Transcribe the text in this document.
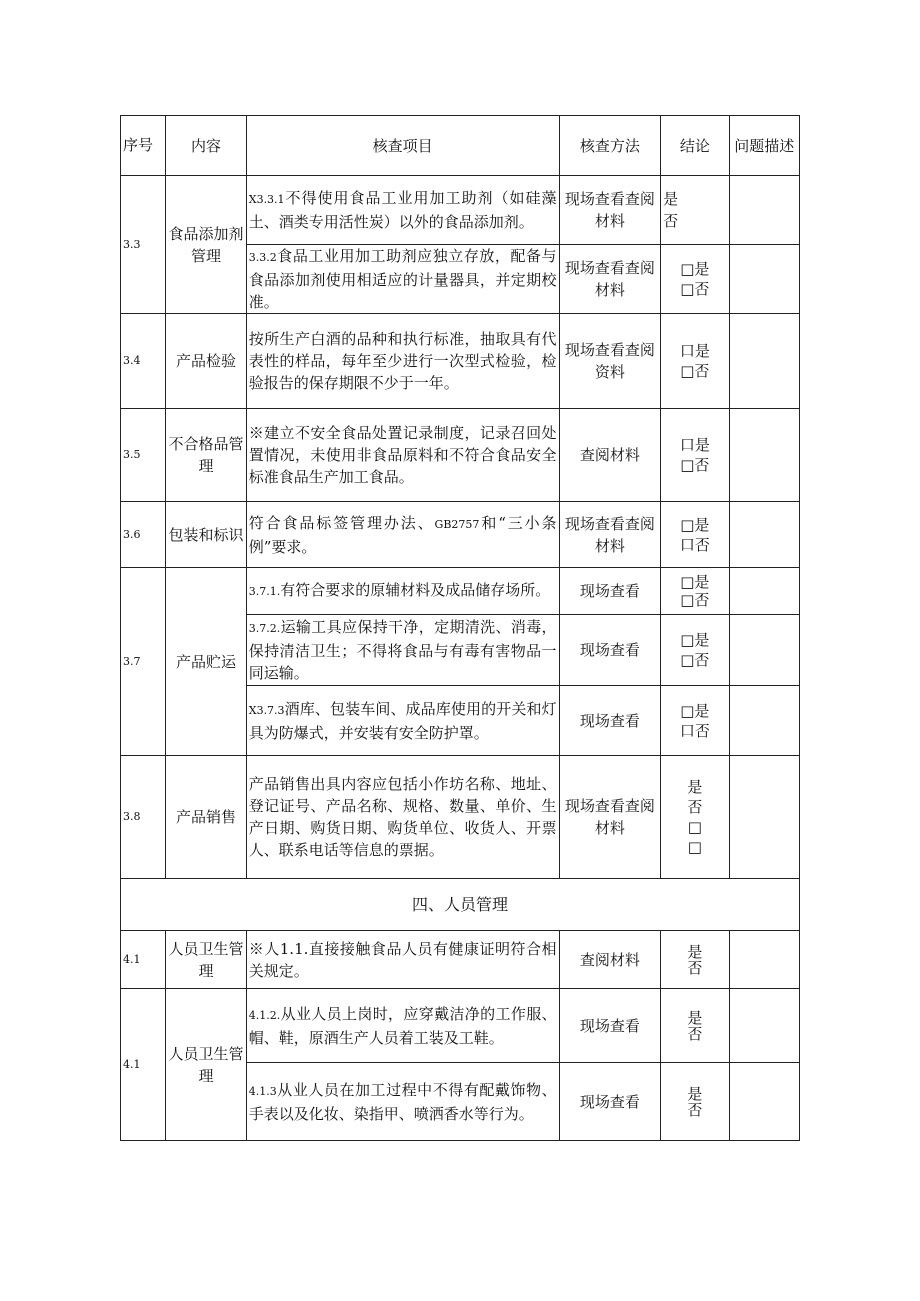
序号	内容	核查项目	核查方法	结论	问题描述
3.3	食品添加剂管理	X3.3.1不得使用食品工业用加工助剂（如硅藻土、酒类专用活性炭）以外的食品添加剂。	现场查看查阅材料	是
否	

		3.3.2食品工业用加工助剂应独立存放，配备与食品添加剂使用相适应的计量器具，并定期校准。	现场查看查阅材料	□是
□否	

3.4	产品检验	按所生产白酒的品种和执行标准，抽取具有代表性的样品，每年至少进行一次型式检验，检验报告的保存期限不少于一年。	现场查看查阅资料	口是
□否	

3.5	不合格品管理	※建立不安全食品处置记录制度，记录召回处置情况，未使用非食品原料和不符合食品安全标准食品生产加工食品。	查阅材料	口是
□否	

3.6	包装和标识	符合食品标签管理办法、GB2757和“三小条例”要求。	现场查看查阅材料	□是
口否	

3.7	产品贮运	3.7.1.有符合要求的原辅材料及成品储存场所。	现场查看	□是
□否	

		3.7.2.运输工具应保持干净，定期清洗、消毒，保持清洁卫生；不得将食品与有毒有害物品一同运输。	现场查看	□是
□否	

		X3.7.3酒库、包装车间、成品库使用的开关和灯具为防爆式，并安装有安全防护罩。	现场查看	□是
口否	

3.8	产品销售	产品销售出具内容应包括小作坊名称、地址、登记证号、产品名称、规格、数量、单价、生产日期、购货日期、购货单位、收货人、开票人、联系电话等信息的票据。	现场查看查阅材料	是
否
□
□	

四、人员管理					
4.1	人员卫生管理	※人1.1.直接接触食品人员有健康证明符合相关规定。	查阅材料	是
否	

4.1	人员卫生管理	4.1.2.从业人员上岗时，应穿戴洁净的工作服、帽、鞋，原酒生产人员着工装及工鞋。	现场查看	是
否	

		4.1.3从业人员在加工过程中不得有配戴饰物、手表以及化妆、染指甲、喷洒香水等行为。	现场查看	是
否	
